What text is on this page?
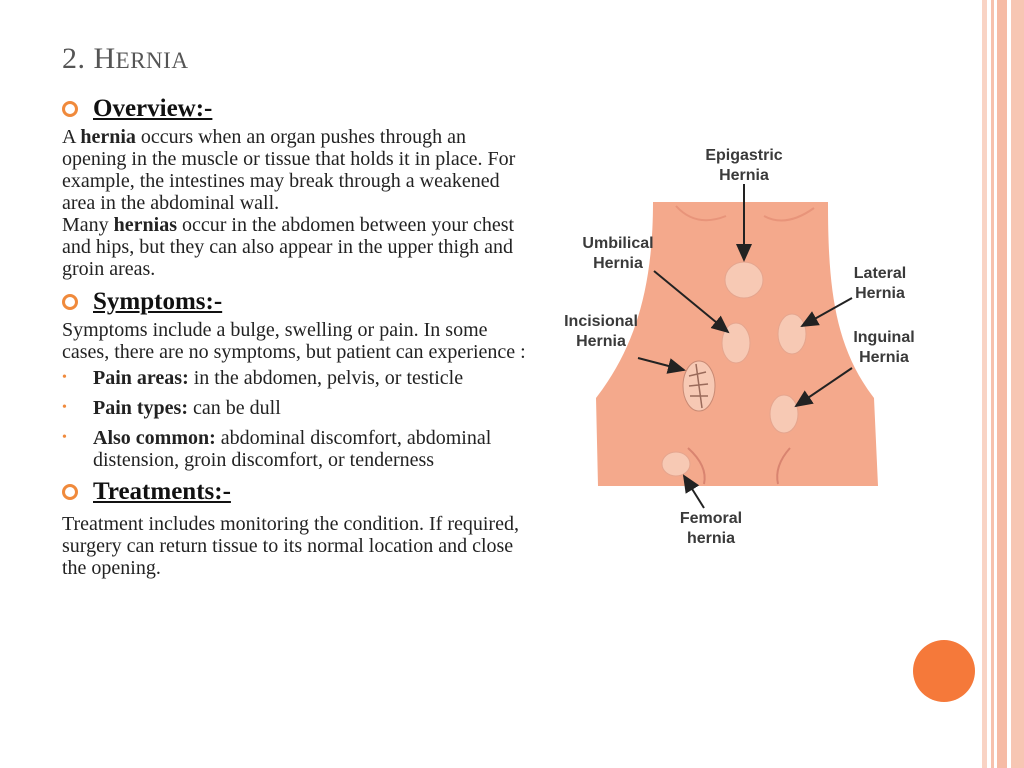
2. HERNIA
Overview:-

A hernia occurs when an organ pushes through an opening in the muscle or tissue that holds it in place. For example, the intestines may break through a weakened area in the abdominal wall.

Many hernias occur in the abdomen between your chest and hips, but they can also appear in the upper thigh and groin areas.

Symptoms:-

Symptoms include a bulge, swelling or pain. In some cases, there are no symptoms, but patient can experience :

• Pain areas: in the abdomen, pelvis, or testicle
• Pain types: can be dull
• Also common: abdominal discomfort, abdominal distension, groin discomfort, or tenderness
Treatments:-

Treatment includes monitoring the condition. If required, surgery can return tissue to its normal location and close the opening.

Epigastric
Hernia
Umbilical
Hernia
Incisional
Hernia
Lateral
Hernia
Inguinal
Hernia
Femoral
hernia
